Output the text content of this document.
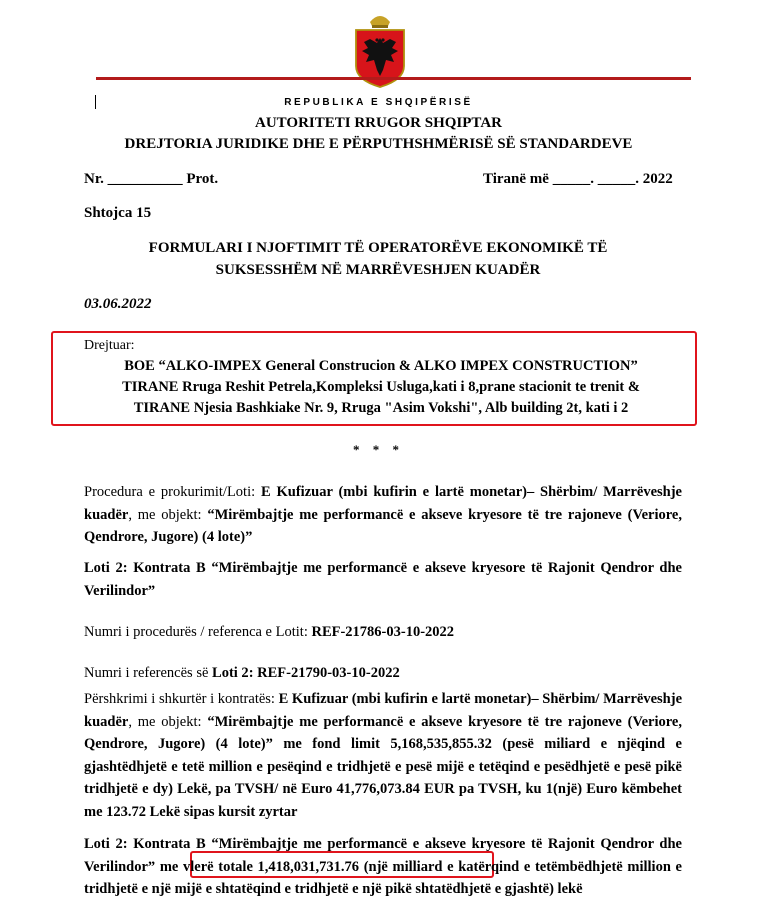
REPUBLIKA E SHQIPËRISË
AUTORITETI RRUGOR SHQIPTAR
DREJTORIA JURIDIKE DHE E PËRPUTHSHMËRISË SË STANDARDEVE
Nr. __________ Prot.	Tiranë më _____. _____. 2022
Shtojca 15
FORMULARI I NJOFTIMIT TË OPERATORËVE EKONOMIKË TË
SUKSESSHËM NË MARRËVESHJEN KUADËR
03.06.2022
Drejtuar:
BOE “ALKO-IMPEX General Construcion & ALKO IMPEX CONSTRUCTION”
TIRANE Rruga Reshit Petrela,Kompleksi Usluga,kati i 8,prane stacionit te trenit &
TIRANE Njesia Bashkiake Nr. 9, Rruga "Asim Vokshi", Alb building 2t, kati i 2
* * *
Procedura e prokurimit/Loti: E Kufizuar (mbi kufirin e lartë monetar)– Shërbim/ Marrëveshje kuadër, me objekt: “Mirëmbajtje me performancë e akseve kryesore të tre rajoneve (Veriore, Qendrore, Jugore) (4 lote)”
Loti 2: Kontrata B “Mirëmbajtje me performancë e akseve kryesore të Rajonit Qendror dhe Verilindor”
Numri i procedurës / referenca e Lotit: REF-21786-03-10-2022
Numri i referencës së Loti 2: REF-21790-03-10-2022
Përshkrimi i shkurtër i kontratës: E Kufizuar (mbi kufirin e lartë monetar)– Shërbim/ Marrëveshje kuadër, me objekt: “Mirëmbajtje me performancë e akseve kryesore të tre rajoneve (Veriore, Qendrore, Jugore) (4 lote)” me fond limit 5,168,535,855.32 (pesë miliard e njëqind e gjashtëdhjetë e tetë million e pesëqind e tridhjetë e pesë mijë e tetëqind e pesëdhjetë e pesë pikë tridhjetë e dy) Lekë, pa TVSH/ në Euro 41,776,073.84 EUR pa TVSH, ku 1(një) Euro këmbehet me 123.72 Lekë sipas kursit zyrtar
Loti 2: Kontrata B “Mirëmbajtje me performancë e akseve kryesore të Rajonit Qendror dhe Verilindor” me vlerë totale 1,418,031,731.76 (një milliard e katërqind e tetëmbëdhjetë million e tridhjetë e një mijë e shtatëqind e tridhjetë e një pikë shtatëdhjetë e gjashtë) lekë
